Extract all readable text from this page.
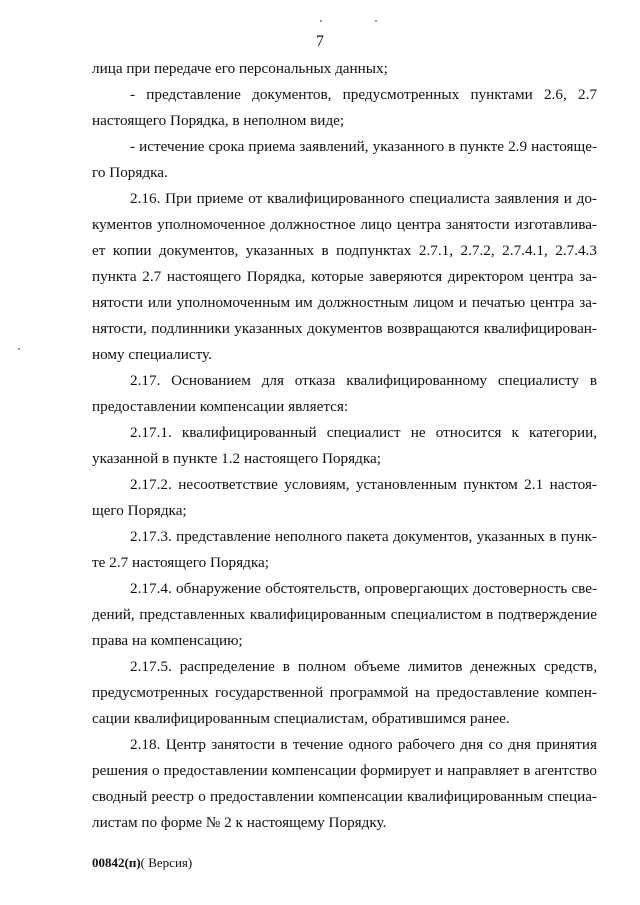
7

лица при передаче его персональных данных;

- представление документов, предусмотренных пунктами 2.6, 2.7
настоящего Порядка, в неполном виде;

- истечение срока приема заявлений, указанного в пункте 2.9 настояще-
го Порядка.

2.16. При приеме от квалифицированного специалиста заявления и до-
кументов уполномоченное должностное лицо центра занятости изготавлива-
ет копии документов, указанных в подпунктах 2.7.1, 2.7.2, 2.7.4.1, 2.7.4.3
пункта 2.7 настоящего Порядка, которые заверяются директором центра за-
нятости или уполномоченным им должностным лицом и печатью центра за-
нятости, подлинники указанных документов возвращаются квалифицирован-
ному специалисту.

2.17. Основанием для отказа квалифицированному специалисту в
предоставлении компенсации является:

2.17.1. квалифицированный специалист не относится к категории,
указанной в пункте 1.2 настоящего Порядка;

2.17.2. несоответствие условиям, установленным пунктом 2.1 настоя-
щего Порядка;

2.17.3. представление неполного пакета документов, указанных в пунк-
те 2.7 настоящего Порядка;

2.17.4. обнаружение обстоятельств, опровергающих достоверность све-
дений, представленных квалифицированным специалистом в подтверждение
права на компенсацию;

2.17.5. распределение в полном объеме лимитов денежных средств,
предусмотренных государственной программой на предоставление компен-
сации квалифицированным специалистам, обратившимся ранее.

2.18. Центр занятости в течение одного рабочего дня со дня принятия
решения о предоставлении компенсации формирует и направляет в агентство
сводный реестр о предоставлении компенсации квалифицированным специа-
листам по форме № 2 к настоящему Порядку.

00842(п)( Версия)
